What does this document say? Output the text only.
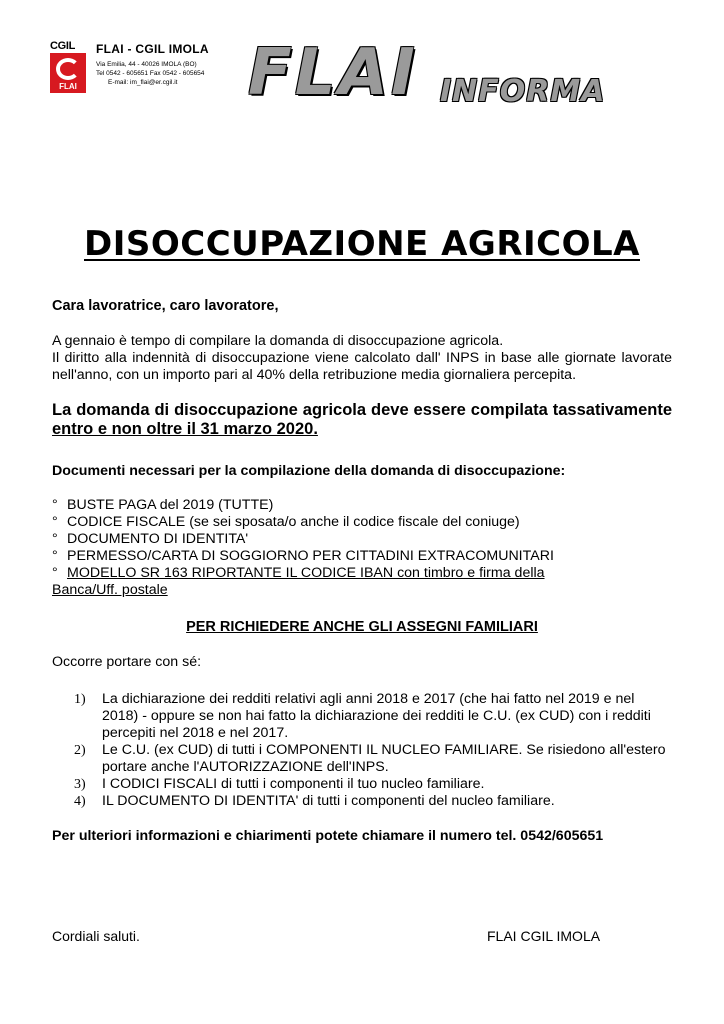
CGIL
FLAI
FLAI - CGIL IMOLA
Via Emilia, 44 - 40026 IMOLA (BO)
Tel 0542 - 605651 Fax 0542 - 605654
E-mail: im_flai@er.cgil.it	FLAI INFORMA
DISOCCUPAZIONE AGRICOLA

Cara lavoratrice, caro lavoratore,

A gennaio è tempo di compilare la domanda di disoccupazione agricola.

Il diritto alla indennità di disoccupazione viene calcolato dall' INPS in base alle giornate lavorate nell'anno, con un importo pari al 40% della retribuzione media giornaliera percepita.

La domanda di disoccupazione agricola deve essere compilata tassativamente entro e non oltre il 31 marzo 2020.

Documenti necessari per la compilazione della domanda di disoccupazione:

° BUSTE PAGA del 2019 (TUTTE)
° CODICE FISCALE (se sei sposata/o anche il codice fiscale del coniuge)
° DOCUMENTO DI IDENTITA'
° PERMESSO/CARTA DI SOGGIORNO PER CITTADINI EXTRACOMUNITARI
° MODELLO SR 163 RIPORTANTE IL CODICE IBAN con timbro e firma della
Banca/Uff. postale

PER RICHIEDERE ANCHE GLI ASSEGNI FAMILIARI

Occorre portare con sé:

1) La dichiarazione dei redditi relativi agli anni 2018 e 2017 (che hai fatto nel 2019 e nel 2018) - oppure se non hai fatto la dichiarazione dei redditi le C.U. (ex CUD) con i redditi percepiti nel 2018 e nel 2017.
2) Le C.U. (ex CUD) di tutti i COMPONENTI IL NUCLEO FAMILIARE. Se risiedono all'estero portare anche l'AUTORIZZAZIONE dell'INPS.
3) I CODICI FISCALI di tutti i componenti il tuo nucleo familiare.
4) IL DOCUMENTO DI IDENTITA' di tutti i componenti del nucleo familiare.

Per ulteriori informazioni e chiarimenti potete chiamare il numero tel. 0542/605651

Cordiali saluti.	FLAI CGIL IMOLA
